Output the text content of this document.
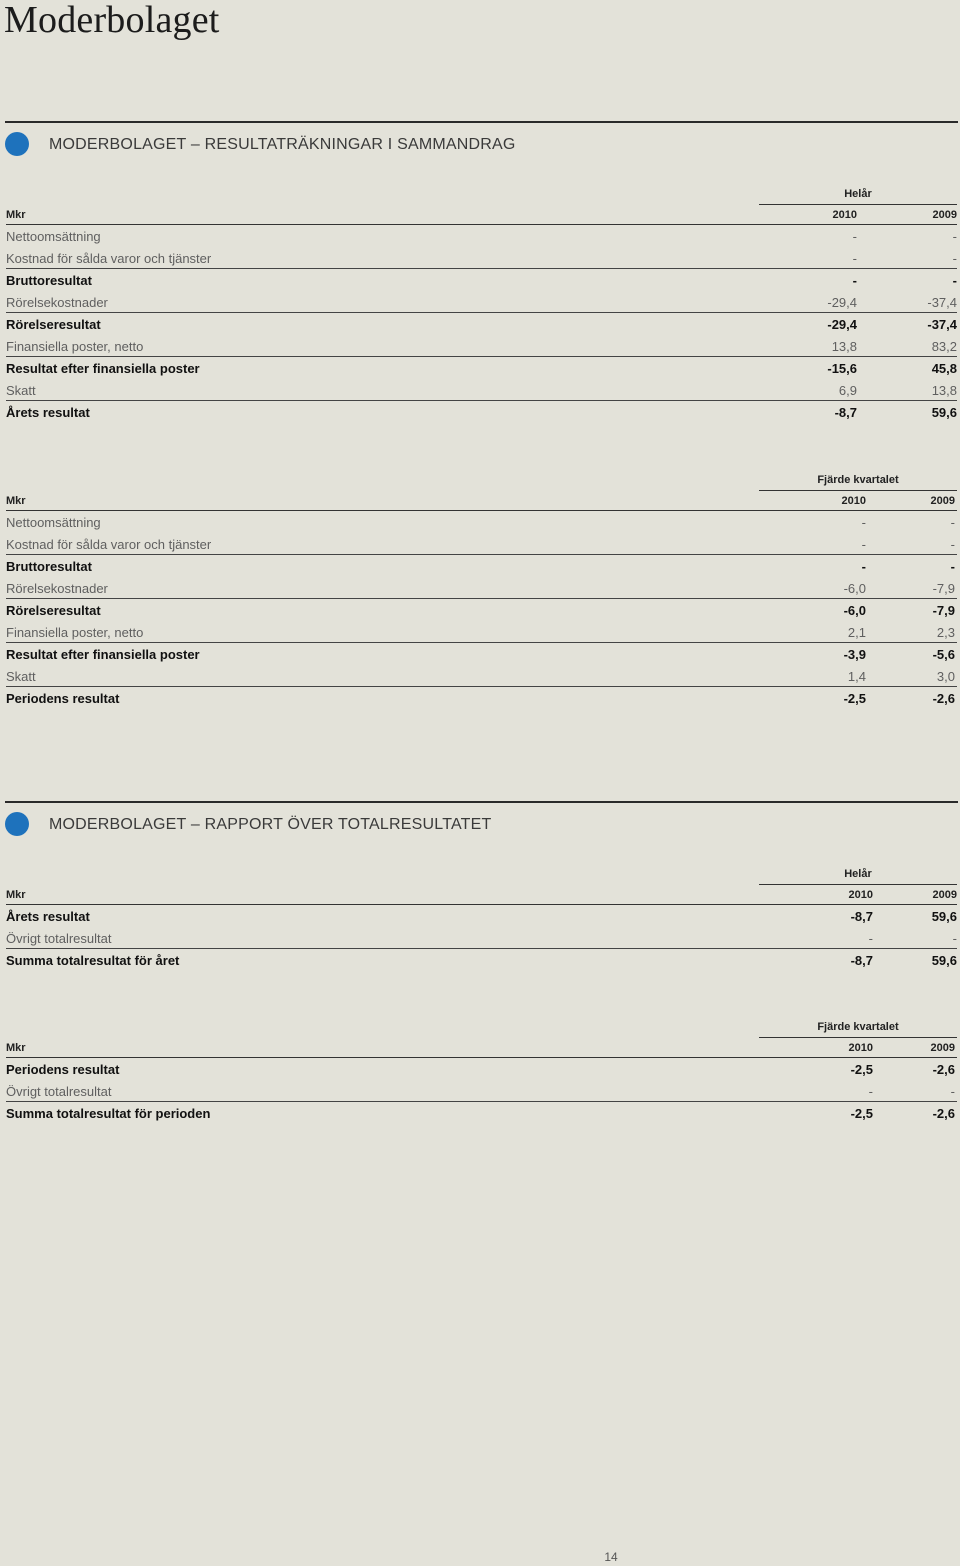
Moderbolaget
MODERBOLAGET – RESULTATRÄKNINGAR I SAMMANDRAG
Helår
Mkr	2010	2009
Nettoomsättning	-	-
Kostnad för sålda varor och tjänster	-	-
Bruttoresultat	-	-
Rörelsekostnader	-29,4	-37,4
Rörelseresultat	-29,4	-37,4
Finansiella poster, netto	13,8	83,2
Resultat efter finansiella poster	-15,6	45,8
Skatt	6,9	13,8
Årets resultat	-8,7	59,6
Fjärde kvartalet
Mkr	2010	2009
Nettoomsättning	-	-
Kostnad för sålda varor och tjänster	-	-
Bruttoresultat	-	-
Rörelsekostnader	-6,0	-7,9
Rörelseresultat	-6,0	-7,9
Finansiella poster, netto	2,1	2,3
Resultat efter finansiella poster	-3,9	-5,6
Skatt	1,4	3,0
Periodens resultat	-2,5	-2,6
MODERBOLAGET – RAPPORT ÖVER TOTALRESULTATET
Helår
Mkr	2010	2009
Årets resultat	-8,7	59,6
Övrigt totalresultat	-	-
Summa totalresultat för året	-8,7	59,6
Fjärde kvartalet
Mkr	2010	2009
Periodens resultat	-2,5	-2,6
Övrigt totalresultat	-	-
Summa totalresultat för perioden	-2,5	-2,6
14
